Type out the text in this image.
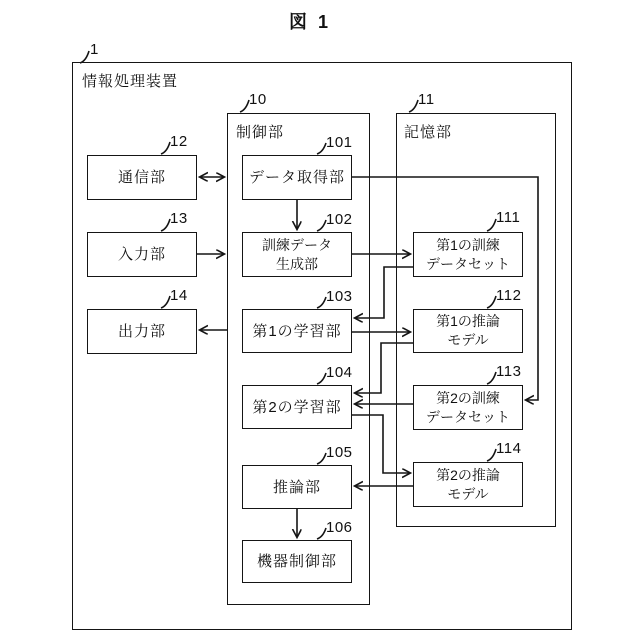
図 1
情報処理装置
制御部	記憶部
通信部
入力部
出力部
データ取得部
訓練データ
生成部
第1の学習部
第2の学習部
推論部
機器制御部
第1の訓練
データセット
第1の推論
モデル
第2の訓練
データセット
第2の推論
モデル
1
10	11
12
13
14
101
102
103
104
105
106
111
112
113
114
